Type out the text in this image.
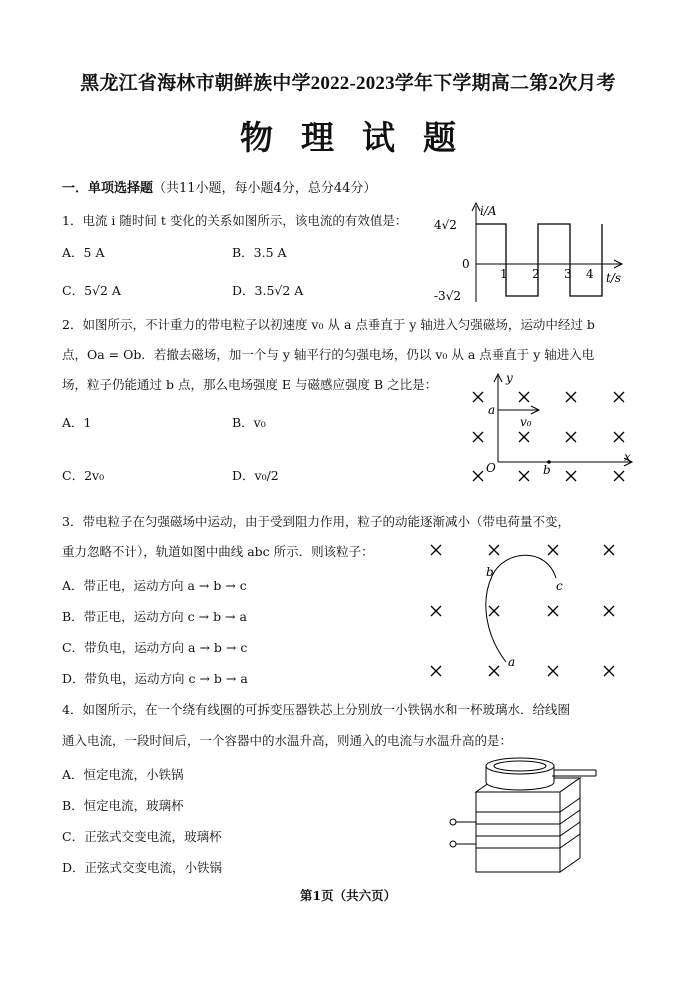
黑龙江省海林市朝鲜族中学2022-2023学年下学期高二第2次月考
物理试题
一．单项选择题（共11小题，每小题4分，总分44分）
1．电流 i 随时间 t 变化的关系如图所示，该电流的有效值是：
A．5 A	B．3.5 A
C．5√2 A	D．3.5√2 A
i/A
4√2
0
-3√2
1 2 3 4 t/s
2．如图所示，不计重力的带电粒子以初速度 v₀ 从 a 点垂直于 y 轴进入匀强磁场，运动中经过 b
点，Oa = Ob．若撤去磁场，加一个与 y 轴平行的匀强电场，仍以 v₀ 从 a 点垂直于 y 轴进入电
场，粒子仍能通过 b 点，那么电场强度 E 与磁感应强度 B 之比是：
A．1	B．v₀
C．2v₀	D．v₀/2
y
x
O
a
b
v₀
3．带电粒子在匀强磁场中运动，由于受到阻力作用，粒子的动能逐渐减小（带电荷量不变，
重力忽略不计），轨道如图中曲线 abc 所示．则该粒子：
A．带正电，运动方向 a → b → c
B．带正电，运动方向 c → b → a
C．带负电，运动方向 a → b → c
D．带负电，运动方向 c → b → a
a
b
c
4．如图所示，在一个绕有线圈的可拆变压器铁芯上分别放一小铁锅水和一杯玻璃水．给线圈
通入电流，一段时间后，一个容器中的水温升高，则通入的电流与水温升高的是：
A．恒定电流，小铁锅
B．恒定电流，玻璃杯
C．正弦式交变电流，玻璃杯
D．正弦式交变电流，小铁锅
第1页（共六页）
